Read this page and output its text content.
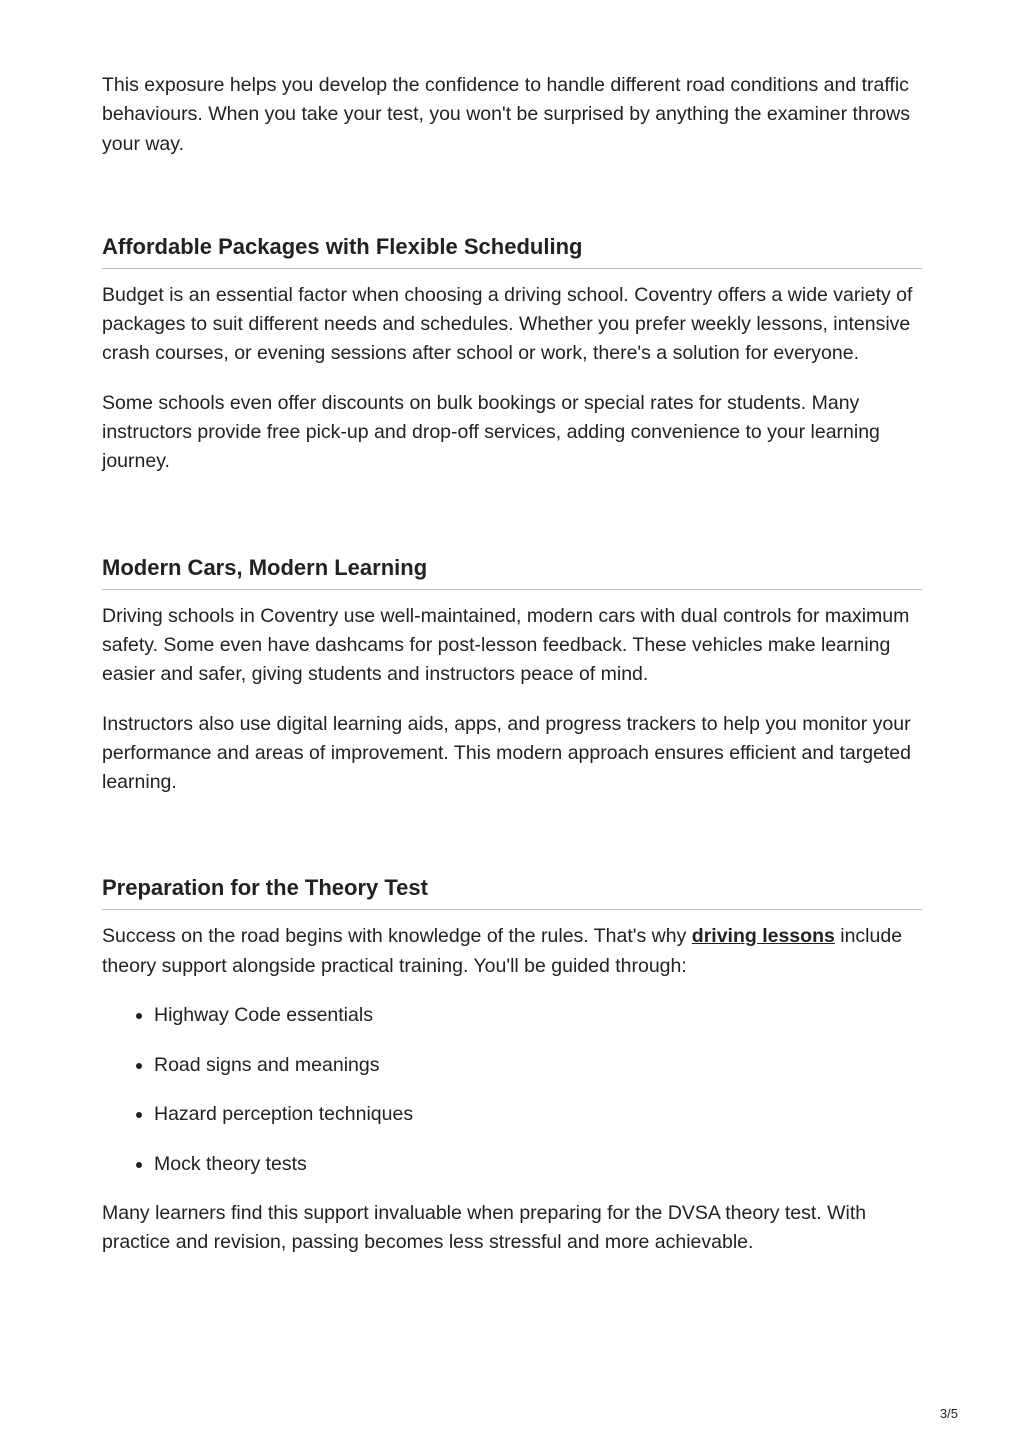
This exposure helps you develop the confidence to handle different road conditions and traffic behaviours. When you take your test, you won't be surprised by anything the examiner throws your way.

Affordable Packages with Flexible Scheduling

Budget is an essential factor when choosing a driving school. Coventry offers a wide variety of packages to suit different needs and schedules. Whether you prefer weekly lessons, intensive crash courses, or evening sessions after school or work, there's a solution for everyone.

Some schools even offer discounts on bulk bookings or special rates for students. Many instructors provide free pick-up and drop-off services, adding convenience to your learning journey.

Modern Cars, Modern Learning

Driving schools in Coventry use well-maintained, modern cars with dual controls for maximum safety. Some even have dashcams for post-lesson feedback. These vehicles make learning easier and safer, giving students and instructors peace of mind.

Instructors also use digital learning aids, apps, and progress trackers to help you monitor your performance and areas of improvement. This modern approach ensures efficient and targeted learning.

Preparation for the Theory Test

Success on the road begins with knowledge of the rules. That's why driving lessons include theory support alongside practical training. You'll be guided through:

• Highway Code essentials
• Road signs and meanings
• Hazard perception techniques
• Mock theory tests

Many learners find this support invaluable when preparing for the DVSA theory test. With practice and revision, passing becomes less stressful and more achievable.

3/5
